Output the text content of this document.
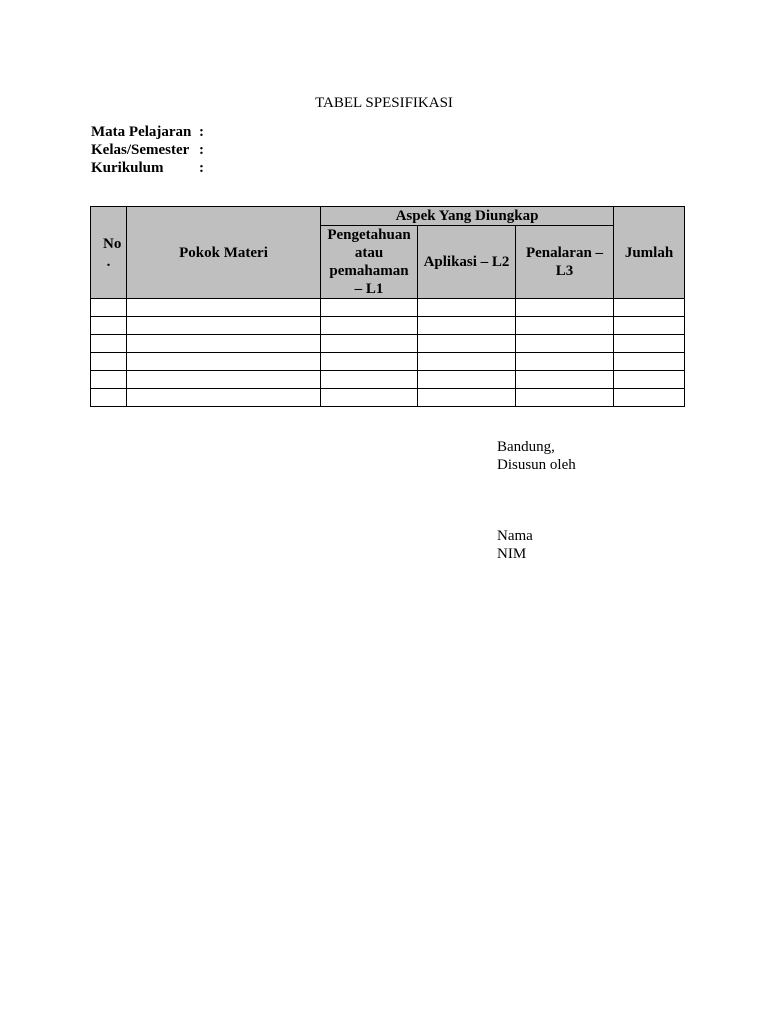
TABEL SPESIFIKASI
Mata Pelajaran :
Kelas/Semester :
Kurikulum	:
No .	Pokok Materi	Aspek Yang Diungkap			Jumlah
		Pengetahuan atau pemahaman – L1	Aplikasi – L2	Penalaran – L3	

Bandung,
Disusun oleh
Nama
NIM
